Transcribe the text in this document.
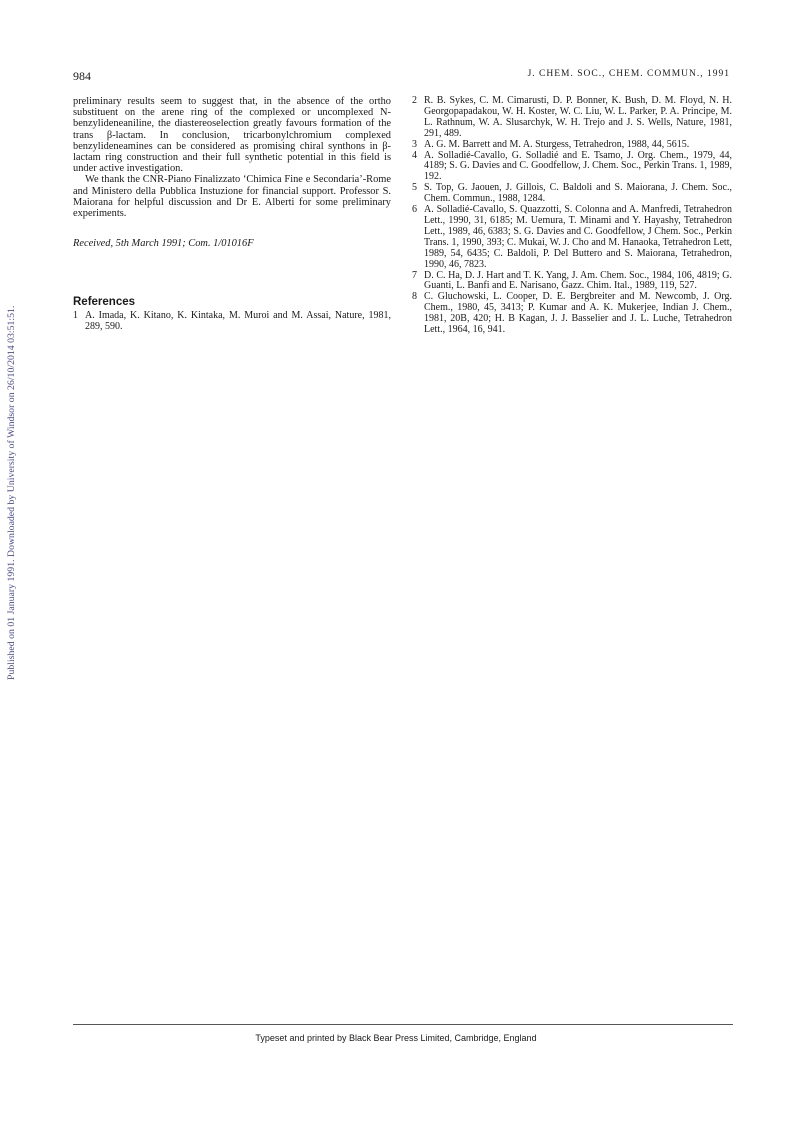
984	J. CHEM. SOC., CHEM. COMMUN., 1991
Published on 01 January 1991. Downloaded by University of Windsor on 26/10/2014 03:51:51.

preliminary results seem to suggest that, in the absence of the ortho substituent on the arene ring of the complexed or uncomplexed N-benzylideneaniline, the diastereoselection greatly favours formation of the trans β-lactam. In conclusion, tricarbonylchromium complexed benzylideneamines can be considered as promising chiral synthons in β-lactam ring construction and their full synthetic potential in this field is under active investigation.

We thank the CNR-Piano Finalizzato ‘Chimica Fine e Secondaria’-Rome and Ministero della Pubblica Instuzione for financial support. Professor S. Maiorana for helpful discussion and Dr E. Alberti for some preliminary experiments.

Received, 5th March 1991; Com. 1/01016F

References
1 A. Imada, K. Kitano, K. Kintaka, M. Muroi and M. Assai, Nature, 1981, 289, 590.
2 R. B. Sykes, C. M. Cimarusti, D. P. Bonner, K. Bush, D. M. Floyd, N. H. Georgopapadakou, W. H. Koster, W. C. Liu, W. L. Parker, P. A. Principe, M. L. Rathnum, W. A. Slusarchyk, W. H. Trejo and J. S. Wells, Nature, 1981, 291, 489.
3 A. G. M. Barrett and M. A. Sturgess, Tetrahedron, 1988, 44, 5615.
4 A. Solladié-Cavallo, G. Solladié and E. Tsamo, J. Org. Chem., 1979, 44, 4189; S. G. Davies and C. Goodfellow, J. Chem. Soc., Perkin Trans. 1, 1989, 192.
5 S. Top, G. Jaouen, J. Gillois, C. Baldoli and S. Maiorana, J. Chem. Soc., Chem. Commun., 1988, 1284.
6 A. Solladié-Cavallo, S. Quazzotti, S. Colonna and A. Manfredi, Tetrahedron Lett., 1990, 31, 6185; M. Uemura, T. Minami and Y. Hayashy, Tetrahedron Lett., 1989, 46, 6383; S. G. Davies and C. Goodfellow, J Chem. Soc., Perkin Trans. 1, 1990, 393; C. Mukai, W. J. Cho and M. Hanaoka, Tetrahedron Lett, 1989, 54, 6435; C. Baldoli, P. Del Buttero and S. Maiorana, Tetrahedron, 1990, 46, 7823.
7 D. C. Ha, D. J. Hart and T. K. Yang, J. Am. Chem. Soc., 1984, 106, 4819; G. Guanti, L. Banfi and E. Narisano, Gazz. Chim. Ital., 1989, 119, 527.
8 C. Gluchowski, L. Cooper, D. E. Bergbreiter and M. Newcomb, J. Org. Chem., 1980, 45, 3413; P. Kumar and A. K. Mukerjee, Indian J. Chem., 1981, 20B, 420; H. B Kagan, J. J. Basselier and J. L. Luche, Tetrahedron Lett., 1964, 16, 941.
Typeset and printed by Black Bear Press Limited, Cambridge, England
